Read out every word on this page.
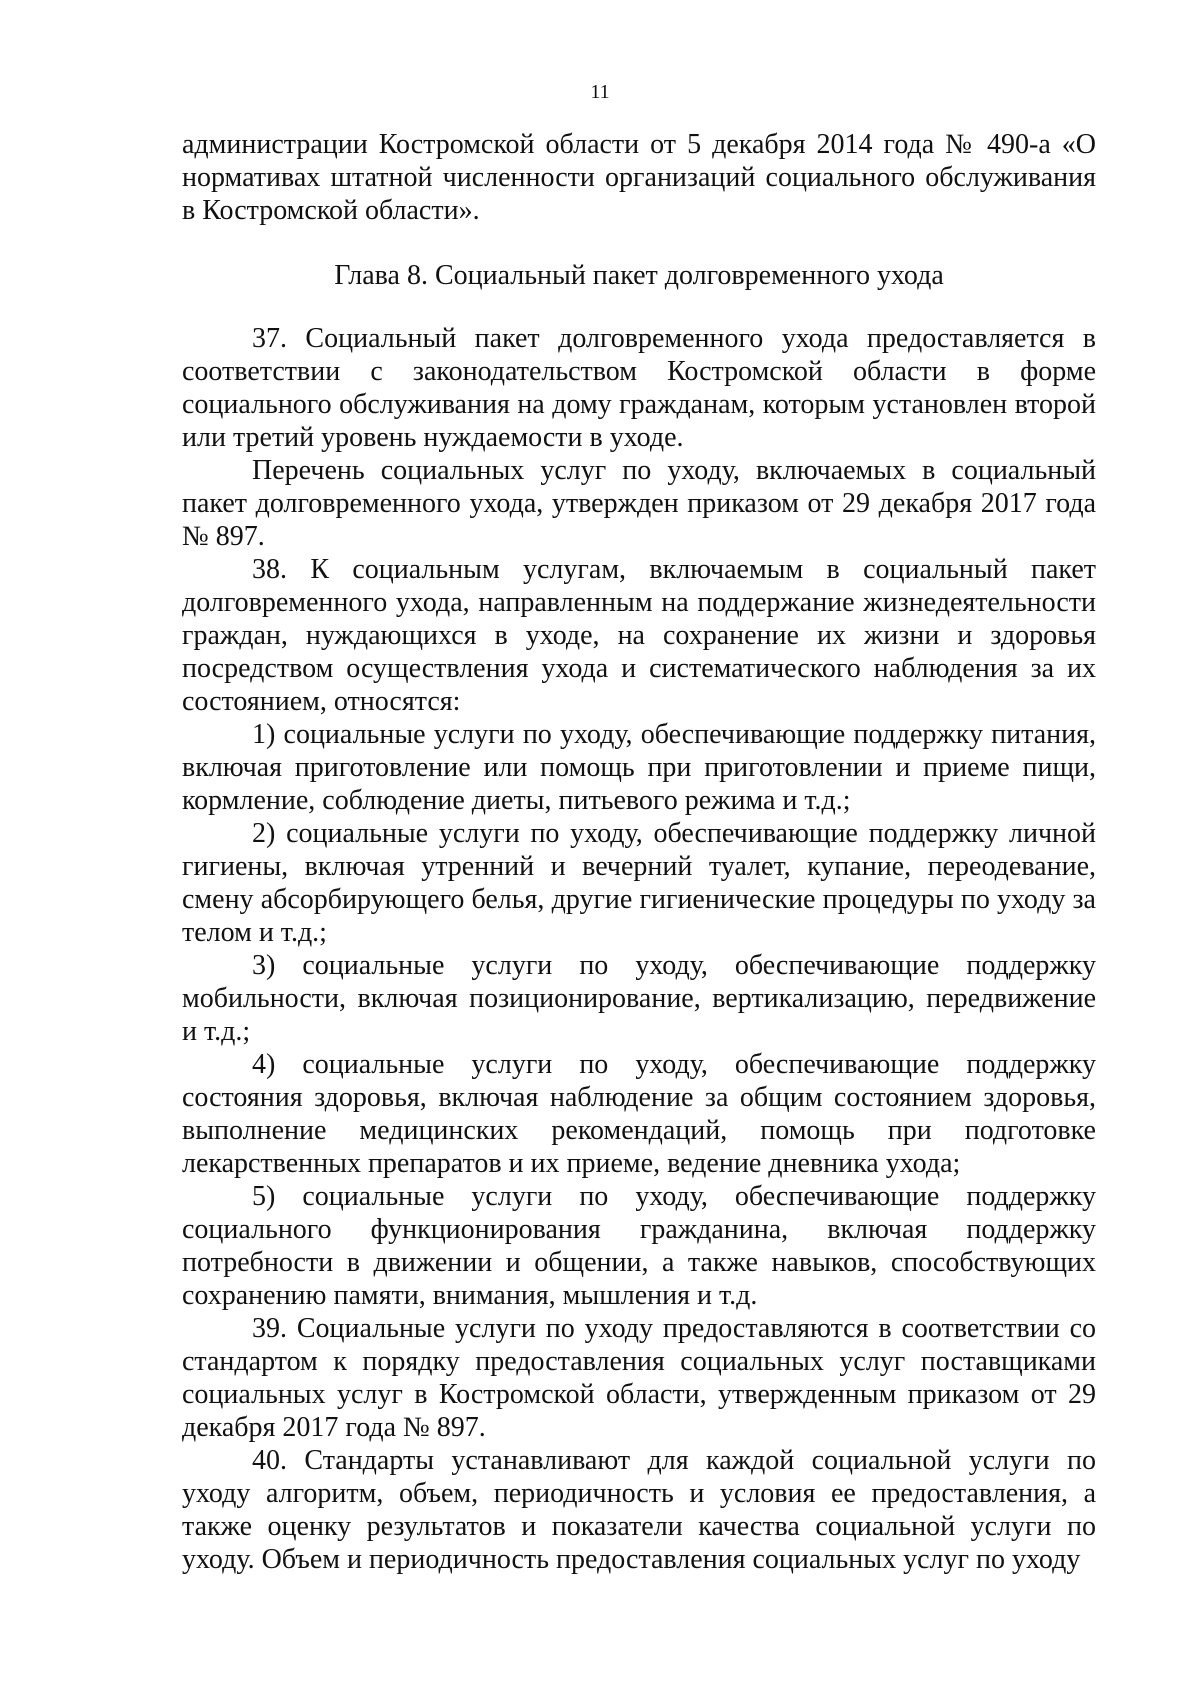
11

администрации Костромской области от 5 декабря 2014 года № 490-а «О нормативах штатной численности организаций социального обслуживания в Костромской области».

Глава 8. Социальный пакет долговременного ухода

37. Социальный пакет долговременного ухода предоставляется в соответствии с законодательством Костромской области в форме социального обслуживания на дому гражданам, которым установлен второй или третий уровень нуждаемости в уходе.

Перечень социальных услуг по уходу, включаемых в социальный пакет долговременного ухода, утвержден приказом от 29 декабря 2017 года № 897.

38. К социальным услугам, включаемым в социальный пакет долговременного ухода, направленным на поддержание жизнедеятельности граждан, нуждающихся в уходе, на сохранение их жизни и здоровья посредством осуществления ухода и систематического наблюдения за их состоянием, относятся:

1) социальные услуги по уходу, обеспечивающие поддержку питания, включая приготовление или помощь при приготовлении и приеме пищи, кормление, соблюдение диеты, питьевого режима и т.д.;

2) социальные услуги по уходу, обеспечивающие поддержку личной гигиены, включая утренний и вечерний туалет, купание, переодевание, смену абсорбирующего белья, другие гигиенические процедуры по уходу за телом и т.д.;

3) социальные услуги по уходу, обеспечивающие поддержку мобильности, включая позиционирование, вертикализацию, передвижение и т.д.;

4) социальные услуги по уходу, обеспечивающие поддержку состояния здоровья, включая наблюдение за общим состоянием здоровья, выполнение медицинских рекомендаций, помощь при подготовке лекарственных препаратов и их приеме, ведение дневника ухода;

5) социальные услуги по уходу, обеспечивающие поддержку социального функционирования гражданина, включая поддержку потребности в движении и общении, а также навыков, способствующих сохранению памяти, внимания, мышления и т.д.

39. Социальные услуги по уходу предоставляются в соответствии со стандартом к порядку предоставления социальных услуг поставщиками социальных услуг в Костромской области, утвержденным приказом от 29 декабря 2017 года № 897.

40. Стандарты устанавливают для каждой социальной услуги по уходу алгоритм, объем, периодичность и условия ее предоставления, а также оценку результатов и показатели качества социальной услуги по уходу. Объем и периодичность предоставления социальных услуг по уходу
